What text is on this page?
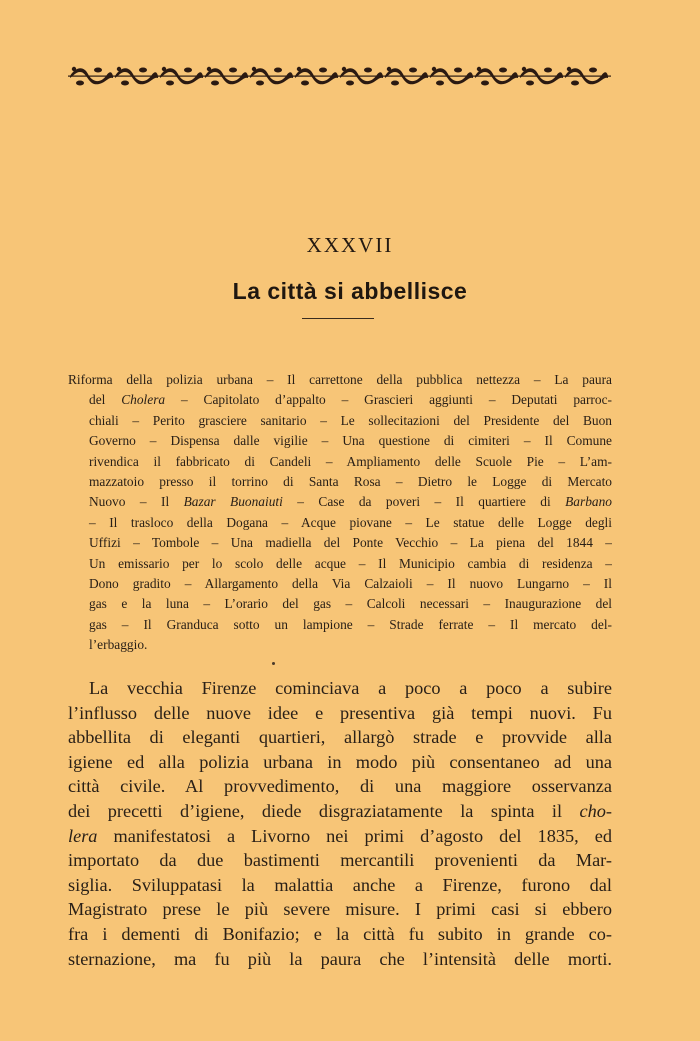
XXXVII
La città si abbellisce
Riforma della polizia urbana – Il carrettone della pubblica nettezza – La paura
del Cholera – Capitolato d’appalto – Grascieri aggiunti – Deputati parroc-
chiali – Perito grasciere sanitario – Le sollecitazioni del Presidente del Buon
Governo – Dispensa dalle vigilie – Una questione di cimiteri – Il Comune
rivendica il fabbricato di Candeli – Ampliamento delle Scuole Pie – L’am-
mazzatoio presso il torrino di Santa Rosa – Dietro le Logge di Mercato
Nuovo – Il Bazar Buonaiuti – Case da poveri – Il quartiere di Barbano
– Il trasloco della Dogana – Acque piovane – Le statue delle Logge degli
Uffizi – Tombole – Una madiella del Ponte Vecchio – La piena del 1844 –
Un emissario per lo scolo delle acque – Il Municipio cambia di residenza –
Dono gradito – Allargamento della Via Calzaioli – Il nuovo Lungarno – Il
gas e la luna – L’orario del gas – Calcoli necessari – Inaugurazione del
gas – Il Granduca sotto un lampione – Strade ferrate – Il mercato del-
l’erbaggio.
La vecchia Firenze cominciava a poco a poco a subire
l’influsso delle nuove idee e presentiva già tempi nuovi. Fu
abbellita di eleganti quartieri, allargò strade e provvide alla
igiene ed alla polizia urbana in modo più consentaneo ad una
città civile. Al provvedimento, di una maggiore osservanza
dei precetti d’igiene, diede disgraziatamente la spinta il cho-
lera manifestatosi a Livorno nei primi d’agosto del 1835, ed
importato da due bastimenti mercantili provenienti da Mar-
siglia. Sviluppatasi la malattia anche a Firenze, furono dal
Magistrato prese le più severe misure. I primi casi si ebbero
fra i dementi di Bonifazio; e la città fu subito in grande co-
sternazione, ma fu più la paura che l’intensità delle morti.
